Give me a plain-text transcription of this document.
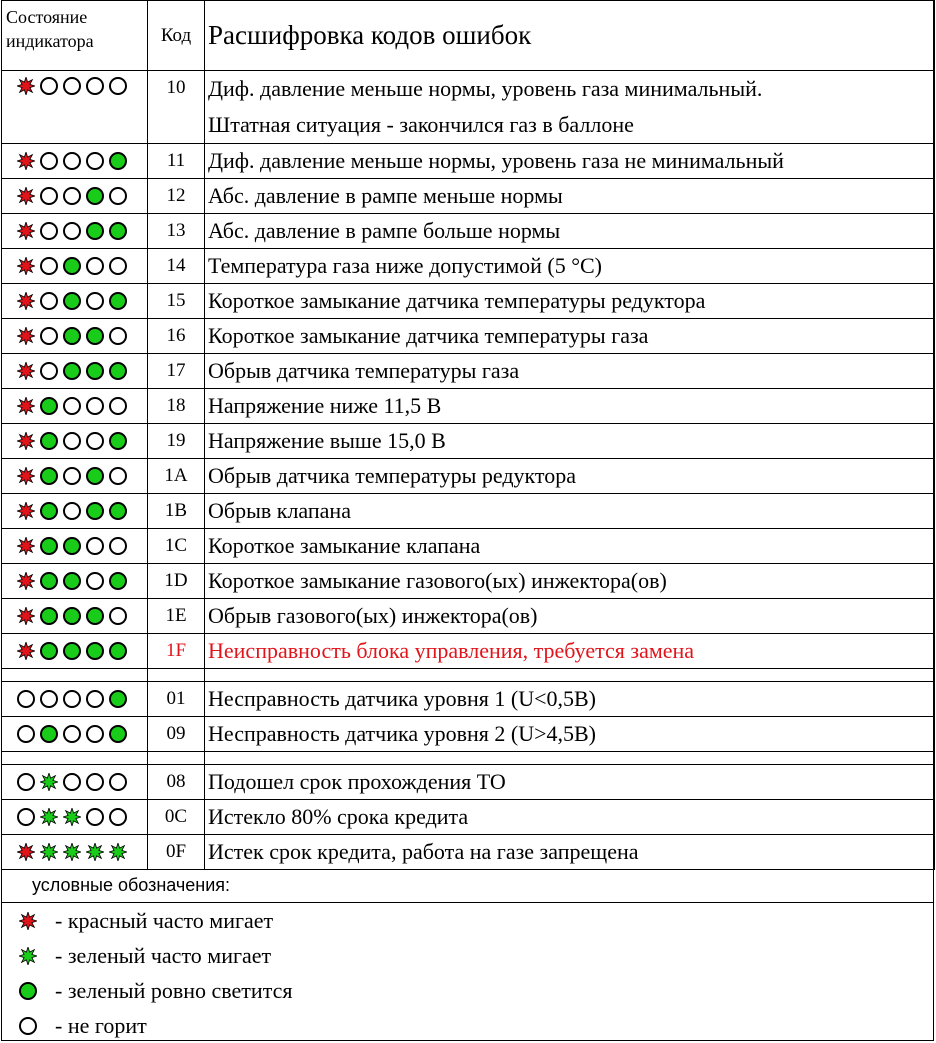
Состояние
индикатора	Код	Расшифровка кодов ошибок

	10	Диф. давление меньше нормы, уровень газа минимальный.
Штатная ситуация - закончился газ в баллоне

	11	Диф. давление меньше нормы, уровень газа не минимальный

	12	Абс. давление в рампе меньше нормы

	13	Абс. давление в рампе больше нормы

	14	Температура газа ниже допустимой (5 °С)

	15	Короткое замыкание датчика температуры редуктора

	16	Короткое замыкание датчика температуры газа

	17	Обрыв датчика температуры газа

	18	Напряжение ниже 11,5 В

	19	Напряжение выше 15,0 В

	1A	Обрыв датчика температуры редуктора

	1B	Обрыв клапана

	1C	Короткое замыкание клапана

	1D	Короткое замыкание газового(ых) инжектора(ов)

	1E	Обрыв газового(ых) инжектора(ов)

	1F	Неисправность блока управления, требуется замена

	01	Несправность датчика уровня 1 (U<0,5В)

	09	Несправность датчика уровня 2 (U>4,5В)

	08	Подошел срок прохождения ТО

	0C	Истекло 80% срока кредита

	0F	Истек срок кредита, работа на газе запрещена
условные обозначения:
- красный часто мигает
- зеленый часто мигает
- зеленый ровно светится
- не горит
